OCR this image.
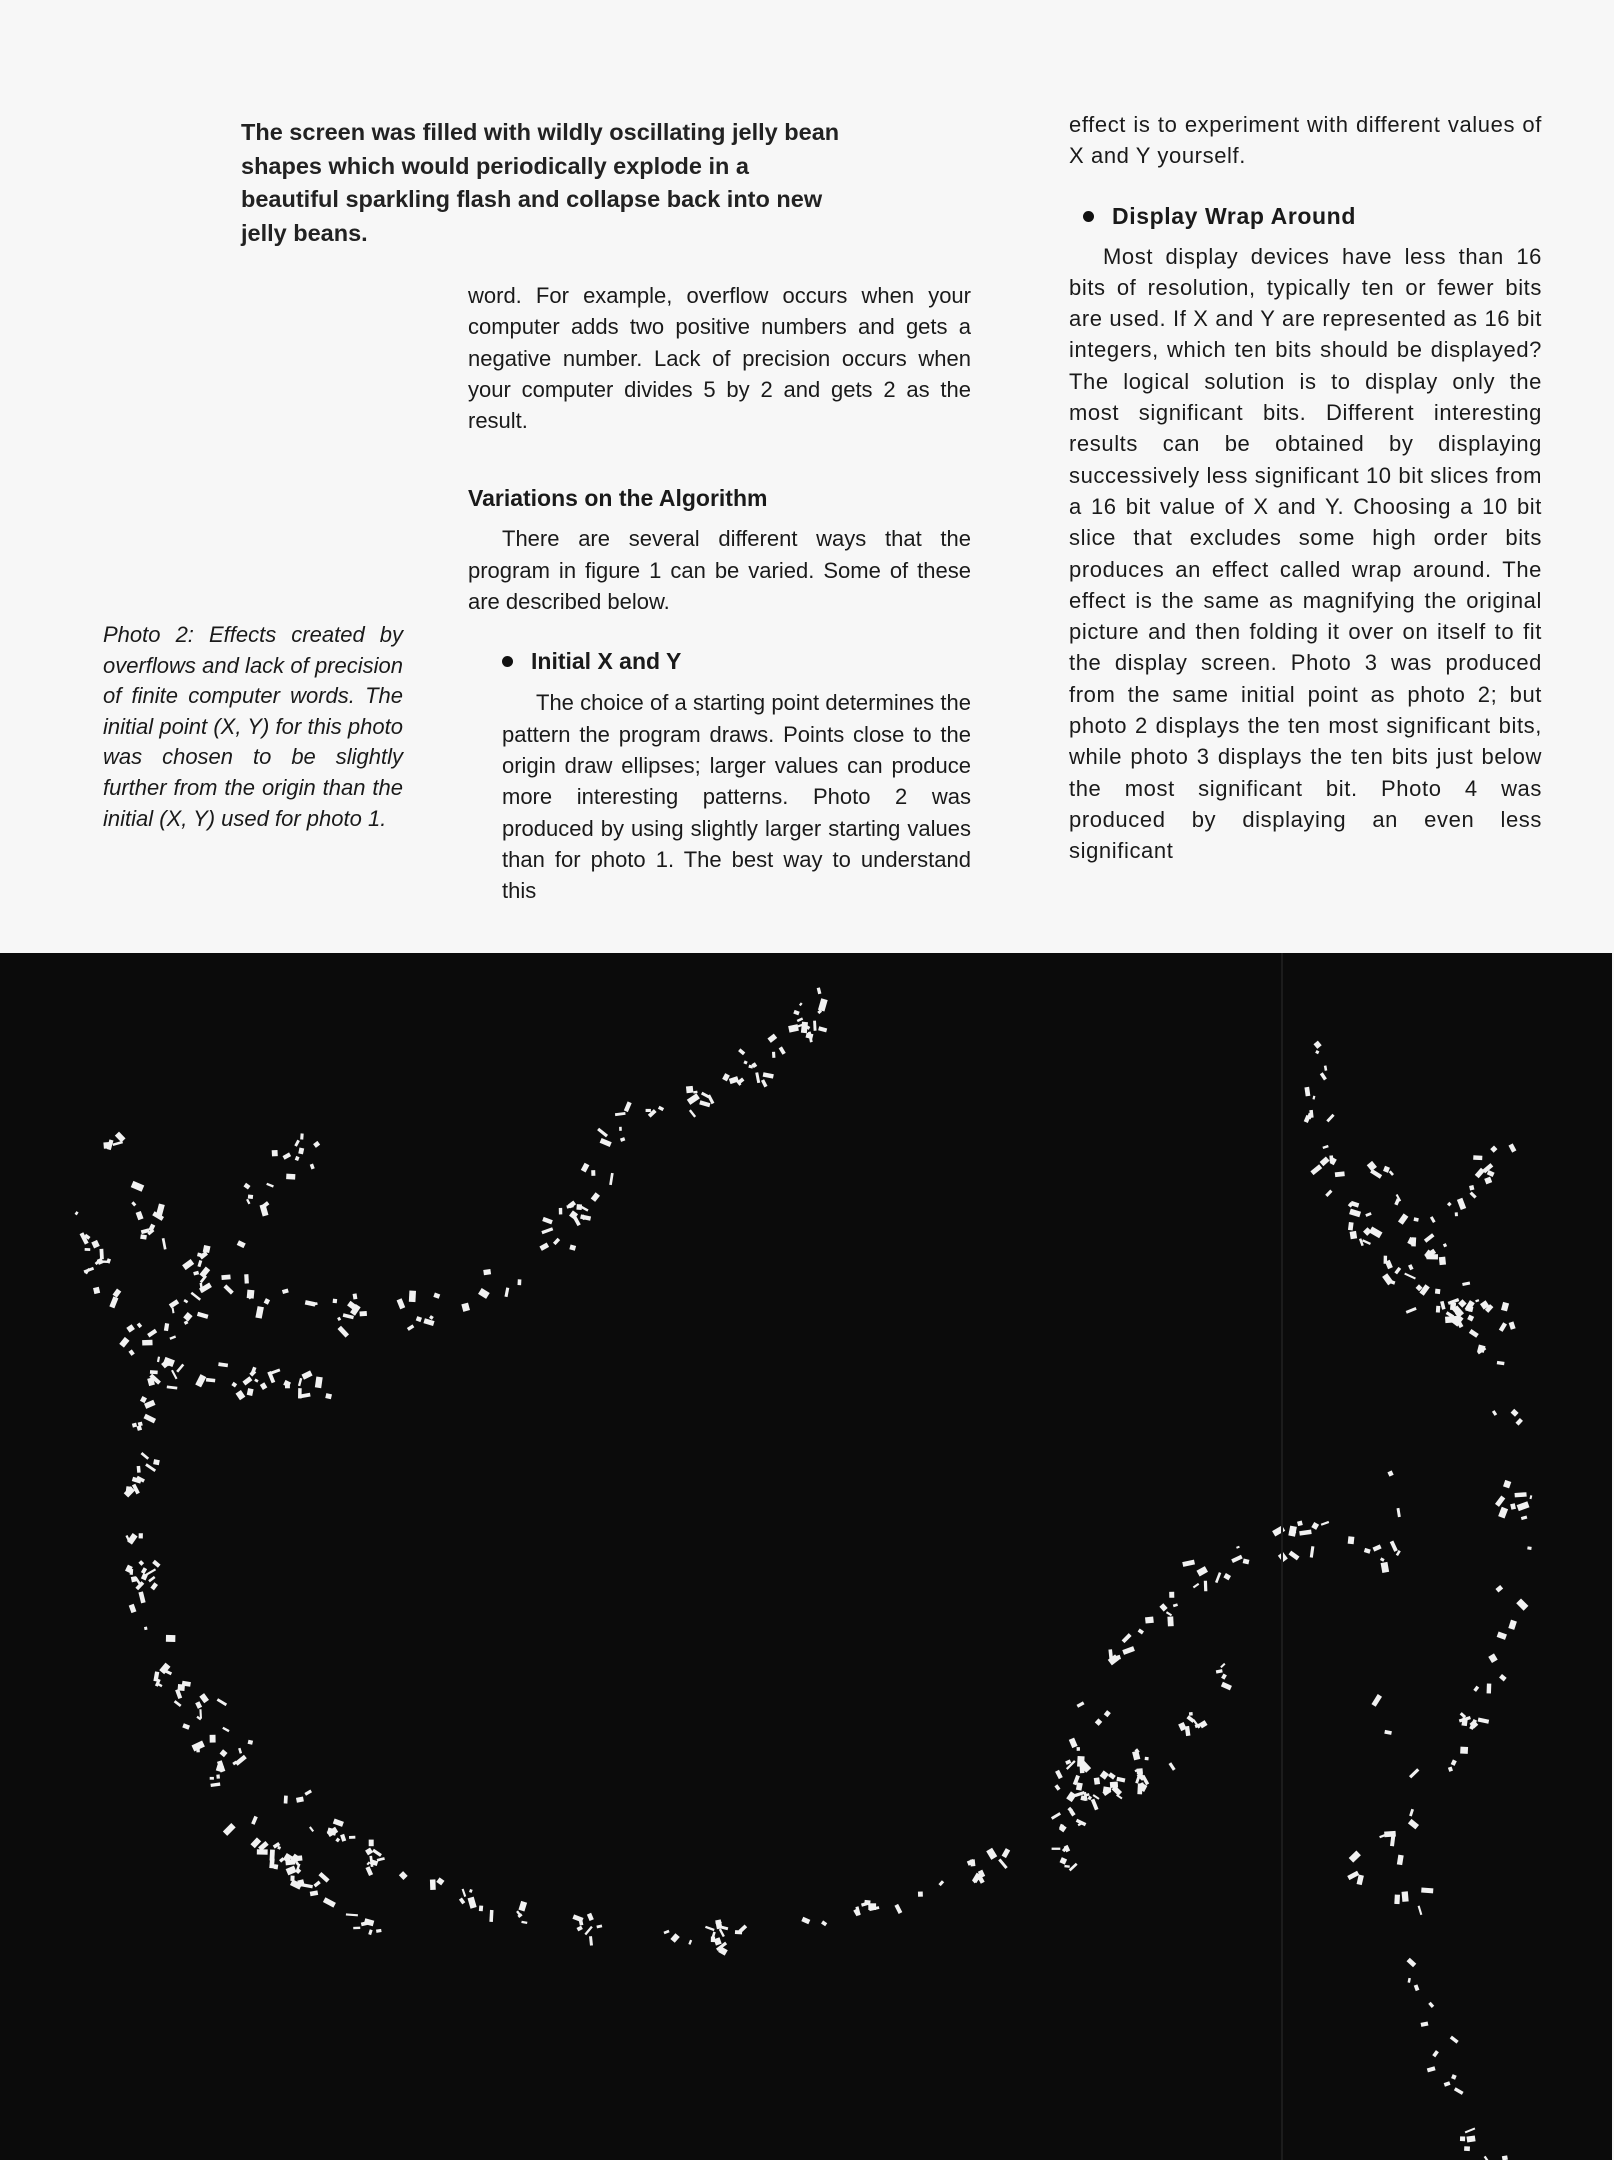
The screen was filled with wildly oscillating jelly bean shapes which would periodically explode in a beautiful sparkling flash and collapse back into new jelly beans.

word. For example, overflow occurs when your computer adds two positive numbers and gets a negative number. Lack of precision occurs when your computer divides 5 by 2 and gets 2 as the result.

Variations on the Algorithm

There are several different ways that the program in figure 1 can be varied. Some of these are described below.

Initial X and Y

The choice of a starting point determines the pattern the program draws. Points close to the origin draw ellipses; larger values can produce more interesting patterns. Photo 2 was produced by using slightly larger starting values than for photo 1. The best way to understand this

effect is to experiment with different values of X and Y yourself.

Display Wrap Around

Most display devices have less than 16 bits of resolution, typically ten or fewer bits are used. If X and Y are represented as 16 bit integers, which ten bits should be displayed? The logical solution is to display only the most significant bits. Different interesting results can be obtained by displaying successively less significant 10 bit slices from a 16 bit value of X and Y. Choosing a 10 bit slice that excludes some high order bits produces an effect called wrap around. The effect is the same as magnifying the original picture and then folding it over on itself to fit the display screen. Photo 3 was produced from the same initial point as photo 2; but photo 2 displays the ten most significant bits, while photo 3 displays the ten bits just below the most significant bit. Photo 4 was produced by displaying an even less significant

Photo 2: Effects created by overflows and lack of precision of finite computer words. The initial point (X, Y) for this photo was chosen to be slightly further from the origin than the initial (X, Y) used for photo 1.
